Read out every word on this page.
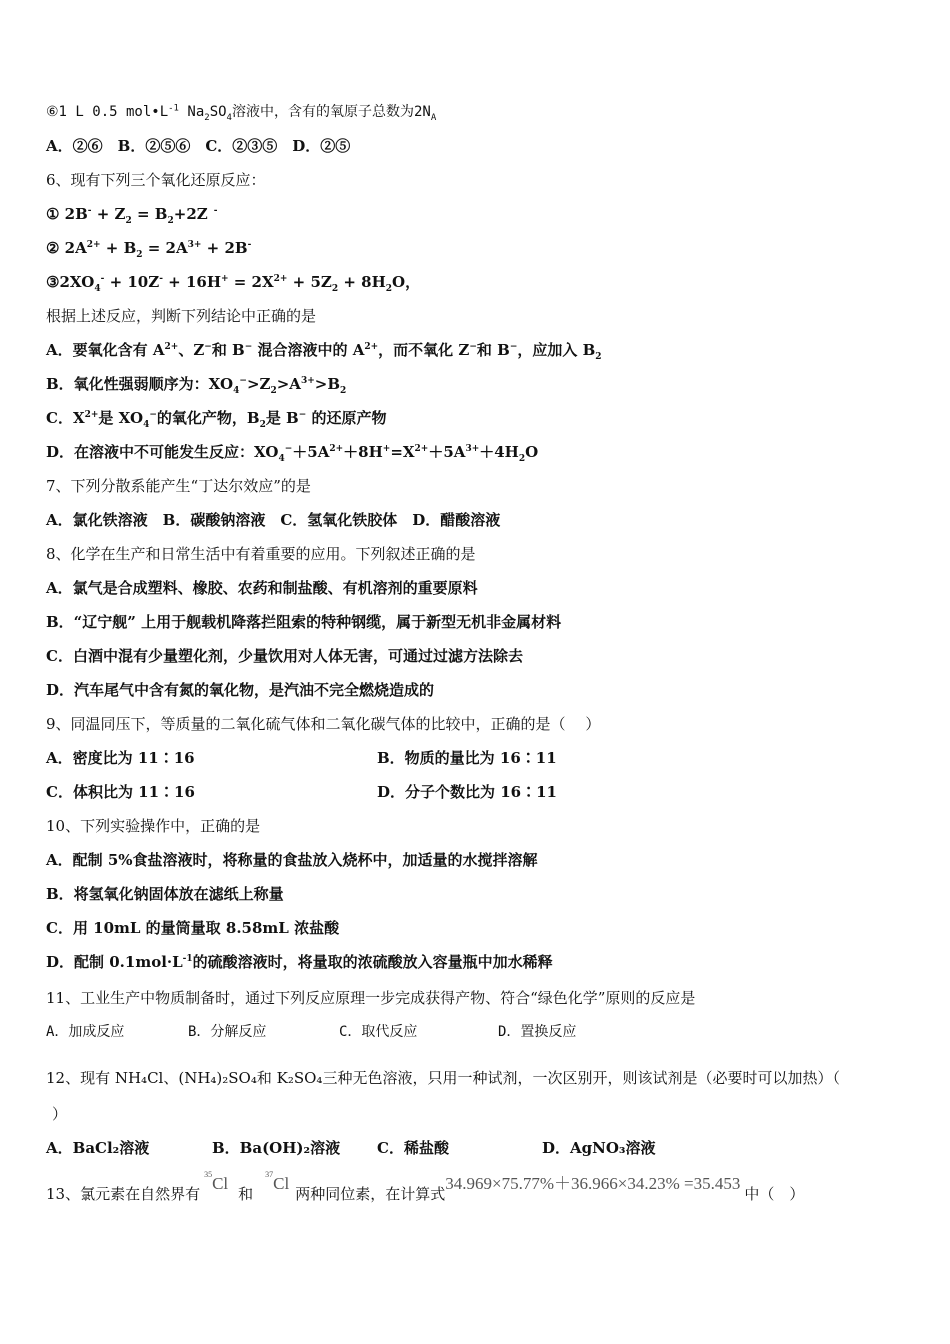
⑥1 L 0.5 $mol•L^{-1}$ $Na_2SO_4$溶液中，含有的氧原子总数为$2N_A$
A．②⑥　B．②⑤⑥　C．②③⑤　D．②⑤
6、现有下列三个氧化还原反应：
① $2B^- + Z_2 = B_2+2Z$ -
② $2A^{2+} + B_2 = 2A^{3+} + 2B^-$
$③2XO_4^- + 10Z^- + 16H^+ = 2X^{2+} + 5Z_2 + 8H_2O$，
根据上述反应，判断下列结论中正确的是
A．要氧化含有 $A^{2+}$、Z−和 B− 混合溶液中的 $A^{2+}$，而不氧化 Z−和 B−，应加入 $B_2$
B．氧化性强弱顺序为：$XO_4^->Z_2>A^{3+}>B_2$
C．$X^{2+}$是 $XO_4^-$的氧化产物，$B_2$是 B− 的还原产物
D．在溶液中不可能发生反应：$XO_4^-+5A^{2+}+8H^+=X^{2+}+5A^{3+}+4H_2O$
7、下列分散系能产生“丁达尔效应”的是
A．氯化铁溶液　B．碳酸钠溶液　C．氢氧化铁胶体　D．醋酸溶液
8、化学在生产和日常生活中有着重要的应用。下列叙述正确的是
A．氯气是合成塑料、橡胶、农药和制盐酸、有机溶剂的重要原料
B．“辽宁舰” 上用于舰载机降落拦阻索的特种钢缆，属于新型无机非金属材料
C．白酒中混有少量塑化剂，少量饮用对人体无害，可通过过滤方法除去
D．汽车尾气中含有氮的氧化物，是汽油不完全燃烧造成的
9、同温同压下，等质量的二氧化硫气体和二氧化碳气体的比较中，正确的是（　 ）
A．密度比为 11∶16	B．物质的量比为 16∶11
C．体积比为 11∶16	D．分子个数比为 16∶11
10、下列实验操作中，正确的是
A．配制 5%食盐溶液时，将称量的食盐放入烧杯中，加适量的水搅拌溶解
B．将氢氧化钠固体放在滤纸上称量
C．用 10mL 的量筒量取 8.58mL 浓盐酸
D．配制 $0.1mol\cdot L^{-1}$的硫酸溶液时，将量取的浓硫酸放入容量瓶中加水稀释
11、工业生产中物质制备时，通过下列反应原理一步完成获得产物、符合“绿色化学”原则的反应是
A．加成反应	B．分解反应	C．取代反应	D．置换反应
12、现有 NH₄Cl、(NH₄)₂SO₄和 K₂SO₄三种无色溶液，只用一种试剂，一次区别开，则该试剂是（必要时可以加热）（
）
A．BaCl₂溶液	B．Ba(OH)₂溶液 C．稀盐酸	D．AgNO₃溶液
13、氯元素在自然界有$^{35}$Cl和$^{37}$Cl两种同位素，在计算式34.969×75.77%＋36.966×34.23% =35.453中（　）
